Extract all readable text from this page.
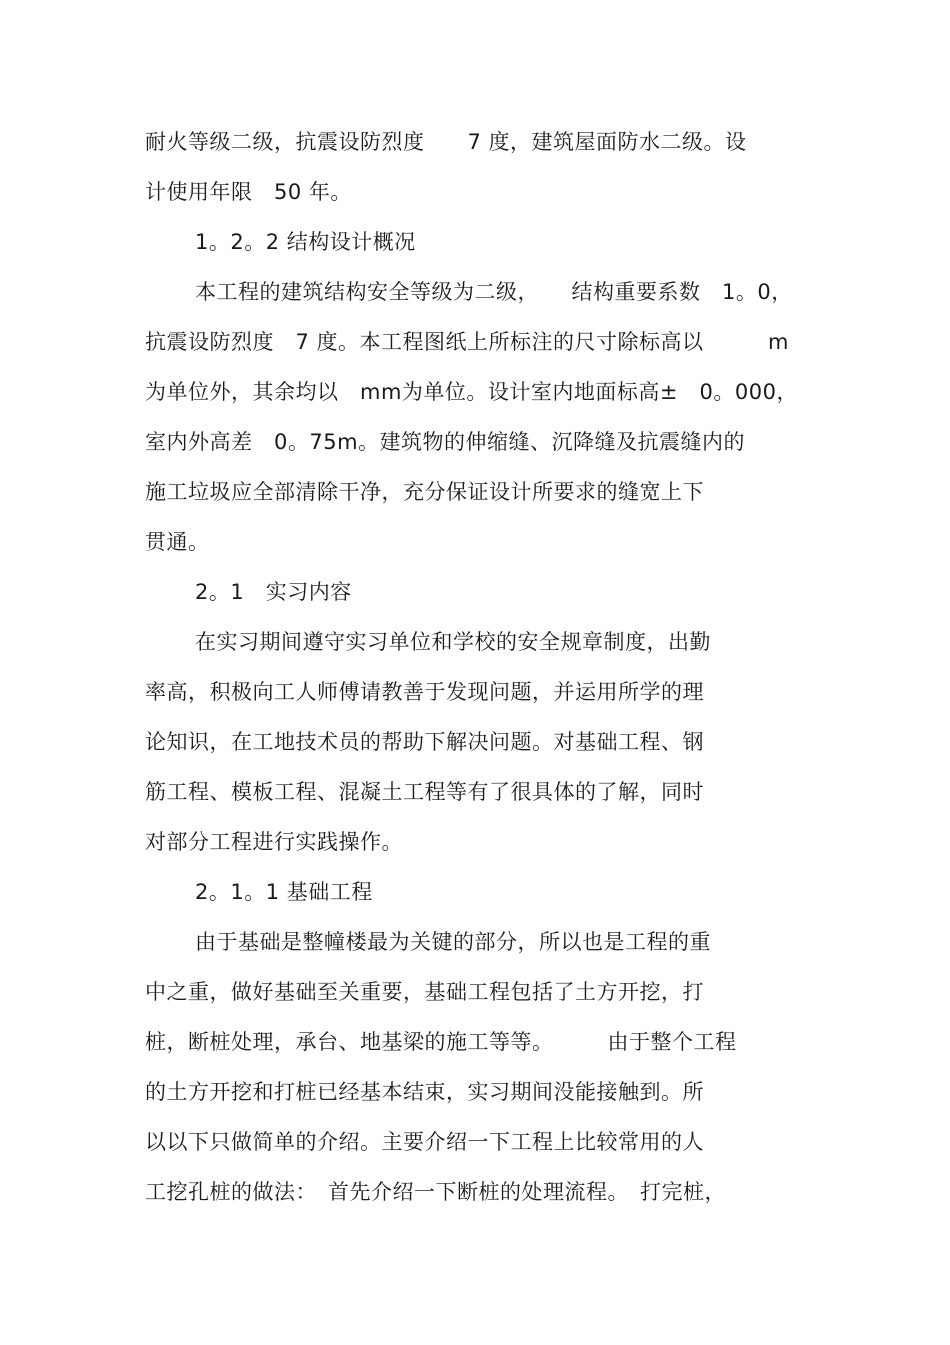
耐火等级二级，抗震设防烈度　　7 度，建筑屋面防水二级。设
计使用年限　50 年。
1。2。2 结构设计概况
本工程的建筑结构安全等级为二级，　　结构重要系数　1。0，
抗震设防烈度　7 度。本工程图纸上所标注的尺寸除标高以　　　m
为单位外，其余均以　mm为单位。设计室内地面标高±　0。000，
室内外高差　0。75m。建筑物的伸缩缝、沉降缝及抗震缝内的
施工垃圾应全部清除干净，充分保证设计所要求的缝宽上下
贯通。
2。1　实习内容
在实习期间遵守实习单位和学校的安全规章制度，出勤
率高，积极向工人师傅请教善于发现问题，并运用所学的理
论知识，在工地技术员的帮助下解决问题。对基础工程、钢
筋工程、模板工程、混凝土工程等有了很具体的了解，同时
对部分工程进行实践操作。
2。1。1 基础工程
由于基础是整幢楼最为关键的部分，所以也是工程的重
中之重，做好基础至关重要，基础工程包括了土方开挖，打
桩，断桩处理，承台、地基梁的施工等等。　　　由于整个工程
的土方开挖和打桩已经基本结束，实习期间没能接触到。所
以以下只做简单的介绍。主要介绍一下工程上比较常用的人
工挖孔桩的做法：　首先介绍一下断桩的处理流程。　打完桩，
